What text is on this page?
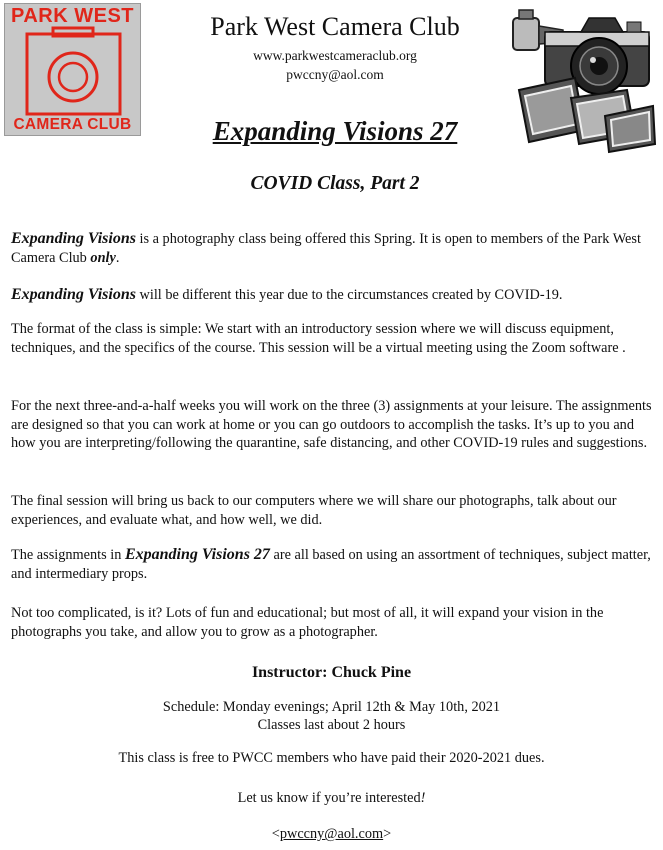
PARK WEST
CAMERA CLUB
Park West Camera Club
www.parkwestcameraclub.org
pwccny@aol.com
Expanding Visions 27
COVID Class, Part 2

Expanding Visions is a photography class being offered this Spring. It is open to members of the Park West Camera Club only.

Expanding Visions will be different this year due to the circumstances created by COVID-19.

The format of the class is simple: We start with an introductory session where we will discuss equipment, techniques, and the specifics of the course. This session will be a virtual meeting using the Zoom software .

For the next three-and-a-half weeks you will work on the three (3) assignments at your leisure. The assignments are designed so that you can work at home or you can go outdoors to accomplish the tasks. It’s up to you and how you are interpreting/following the quarantine, safe distancing, and other COVID-19 rules and suggestions.

The final session will bring us back to our computers where we will share our photographs, talk about our experiences, and evaluate what, and how well, we did.

The assignments in Expanding Visions 27 are all based on using an assortment of techniques, subject matter, and intermediary props.

Not too complicated, is it? Lots of fun and educational; but most of all, it will expand your vision in the photographs you take, and allow you to grow as a photographer.

Instructor: Chuck Pine
Schedule: Monday evenings; April 12th & May 10th, 2021
Classes last about 2 hours
This class is free to PWCC members who have paid their 2020-2021 dues.
Let us know if you’re interested!
<pwccny@aol.com>
